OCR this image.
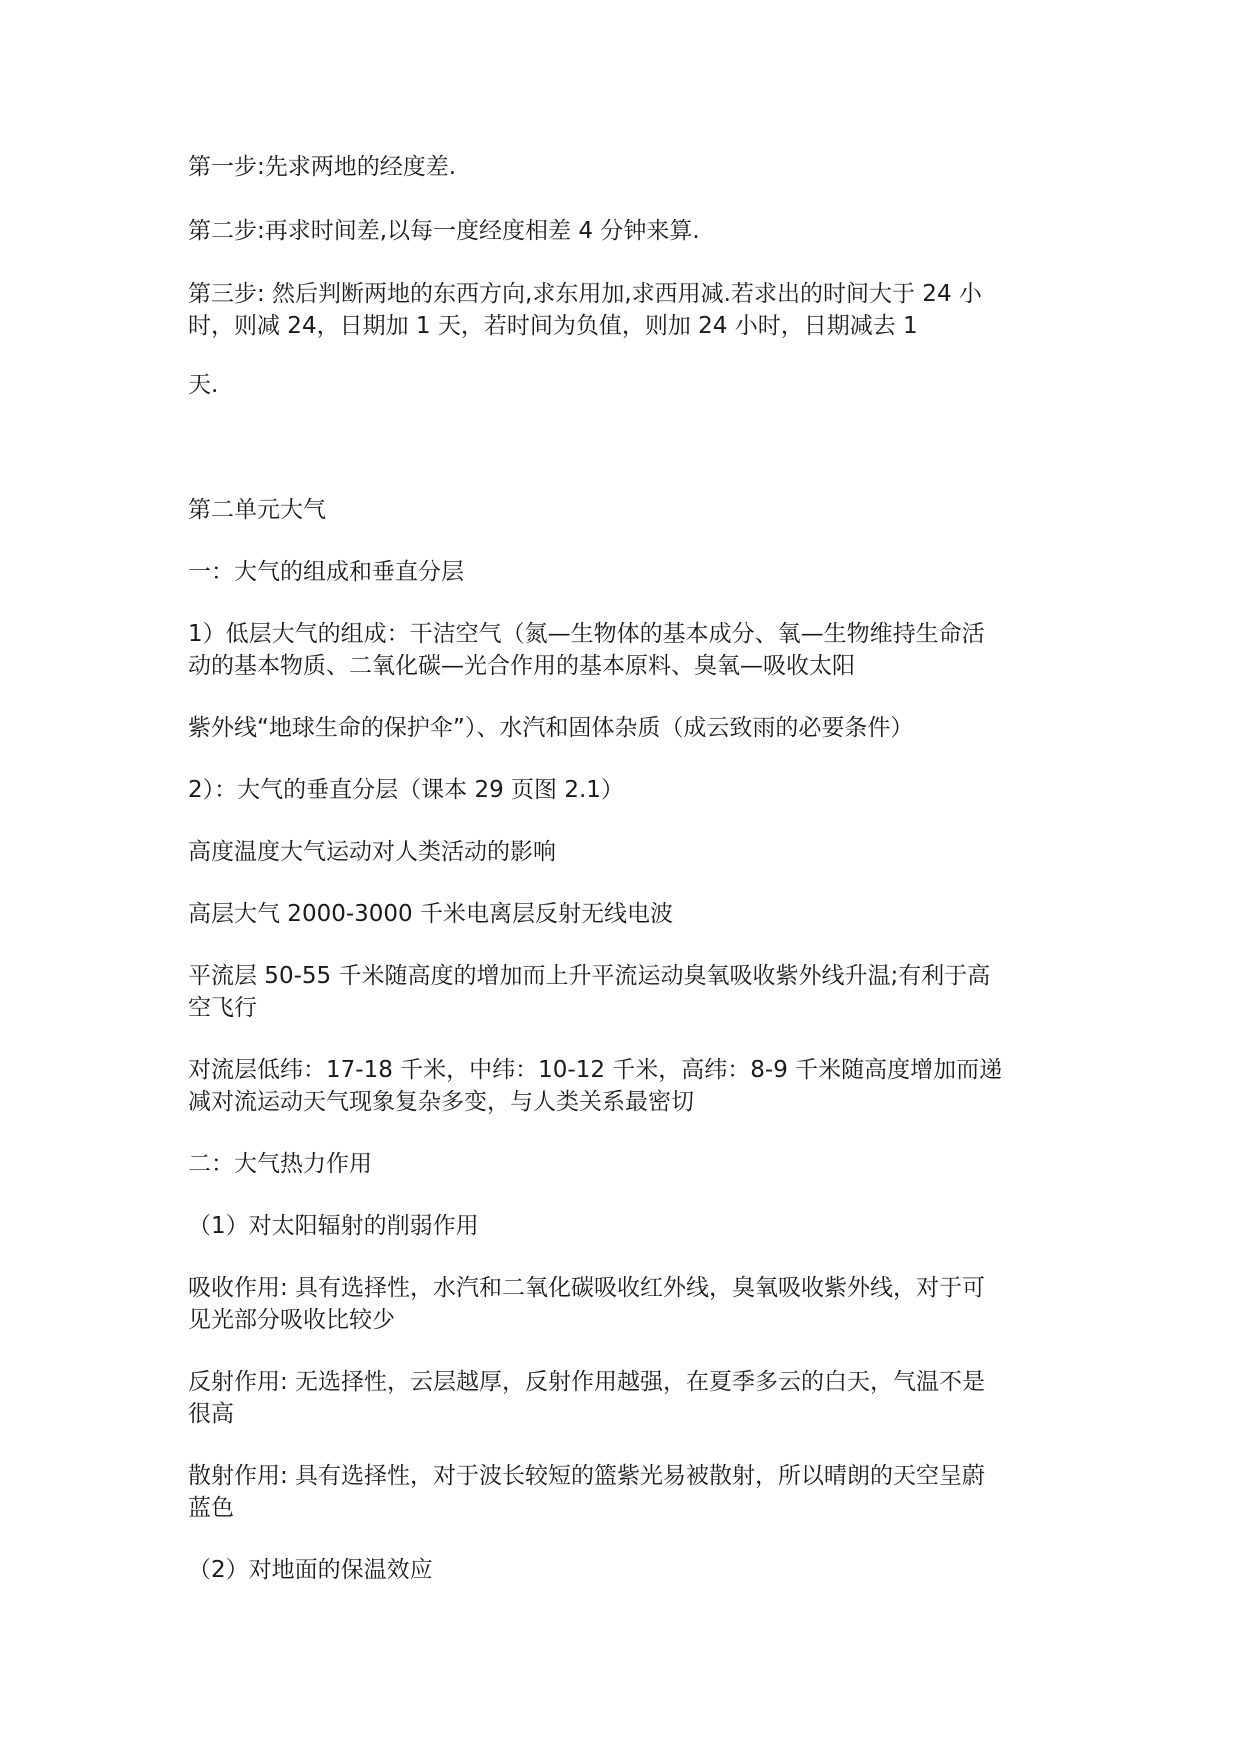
第一步:先求两地的经度差.
第二步:再求时间差,以每一度经度相差 4 分钟来算.
第三步: 然后判断两地的东西方向,求东用加,求西用减.若求出的时间大于 24 小
时，则减 24，日期加 1 天，若时间为负值，则加 24 小时，日期减去 1
天.
第二单元大气
一：大气的组成和垂直分层
1）低层大气的组成：干洁空气（氮—生物体的基本成分、氧—生物维持生命活
动的基本物质、二氧化碳—光合作用的基本原料、臭氧—吸收太阳
紫外线“地球生命的保护伞”）、水汽和固体杂质（成云致雨的必要条件）
2）：大气的垂直分层（课本 29 页图 2.1）
高度温度大气运动对人类活动的影响
高层大气 2000-3000 千米电离层反射无线电波
平流层 50-55 千米随高度的增加而上升平流运动臭氧吸收紫外线升温;有利于高
空飞行
对流层低纬：17-18 千米，中纬：10-12 千米，高纬：8-9 千米随高度增加而递
减对流运动天气现象复杂多变，与人类关系最密切
二：大气热力作用
（1）对太阳辐射的削弱作用
吸收作用: 具有选择性，水汽和二氧化碳吸收红外线，臭氧吸收紫外线，对于可
见光部分吸收比较少
反射作用: 无选择性，云层越厚，反射作用越强，在夏季多云的白天，气温不是
很高
散射作用: 具有选择性，对于波长较短的篮紫光易被散射，所以晴朗的天空呈蔚
蓝色
（2）对地面的保温效应
